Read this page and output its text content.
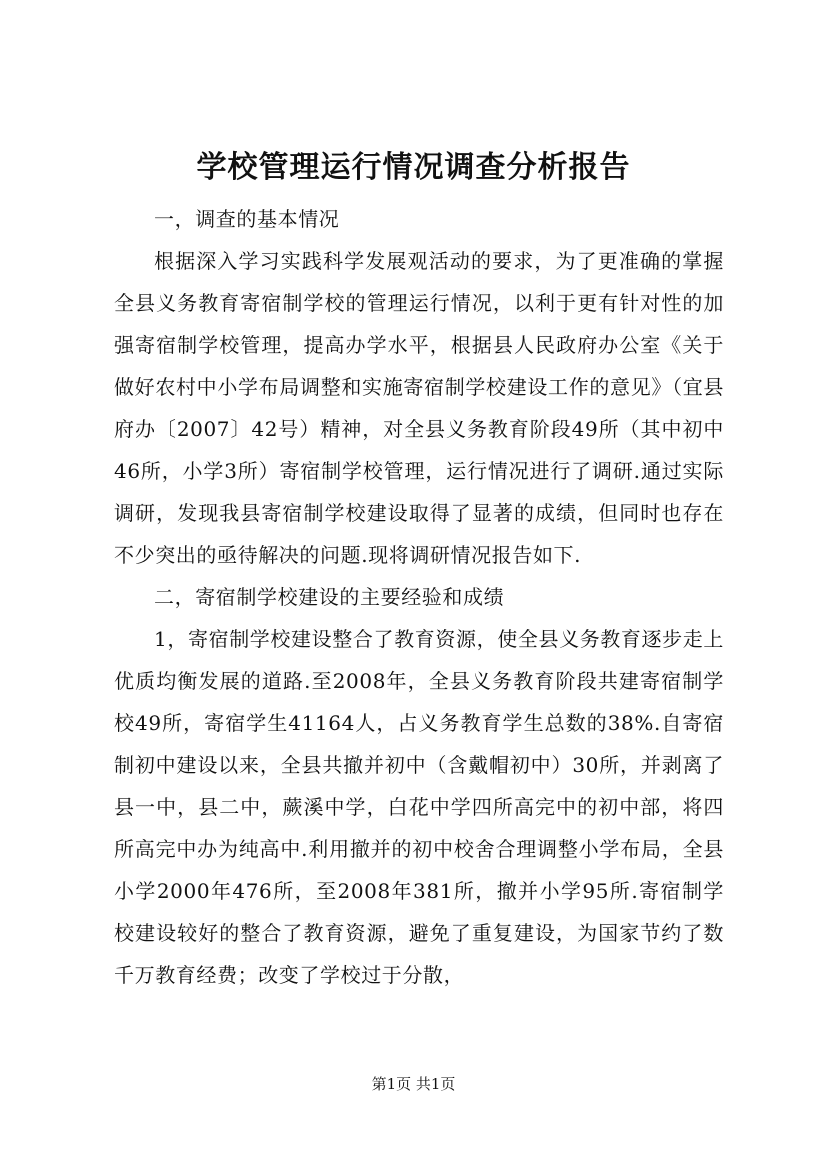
学校管理运行情况调查分析报告

一，调查的基本情况

根据深入学习实践科学发展观活动的要求，为了更准确的掌握全县义务教育寄宿制学校的管理运行情况，以利于更有针对性的加强寄宿制学校管理，提高办学水平，根据县人民政府办公室《关于做好农村中小学布局调整和实施寄宿制学校建设工作的意见》（宜县府办〔2007〕42号）精神，对全县义务教育阶段49所（其中初中46所，小学3所）寄宿制学校管理，运行情况进行了调研.通过实际调研，发现我县寄宿制学校建设取得了显著的成绩，但同时也存在不少突出的亟待解决的问题.现将调研情况报告如下.

二，寄宿制学校建设的主要经验和成绩

1，寄宿制学校建设整合了教育资源，使全县义务教育逐步走上优质均衡发展的道路.至2008年，全县义务教育阶段共建寄宿制学校49所，寄宿学生41164人，占义务教育学生总数的38%.自寄宿制初中建设以来，全县共撤并初中（含戴帽初中）30所，并剥离了县一中，县二中，蕨溪中学，白花中学四所高完中的初中部，将四所高完中办为纯高中.利用撤并的初中校舍合理调整小学布局，全县小学2000年476所，至2008年381所，撤并小学95所.寄宿制学校建设较好的整合了教育资源，避免了重复建设，为国家节约了数千万教育经费；改变了学校过于分散，

第1页 共1页
